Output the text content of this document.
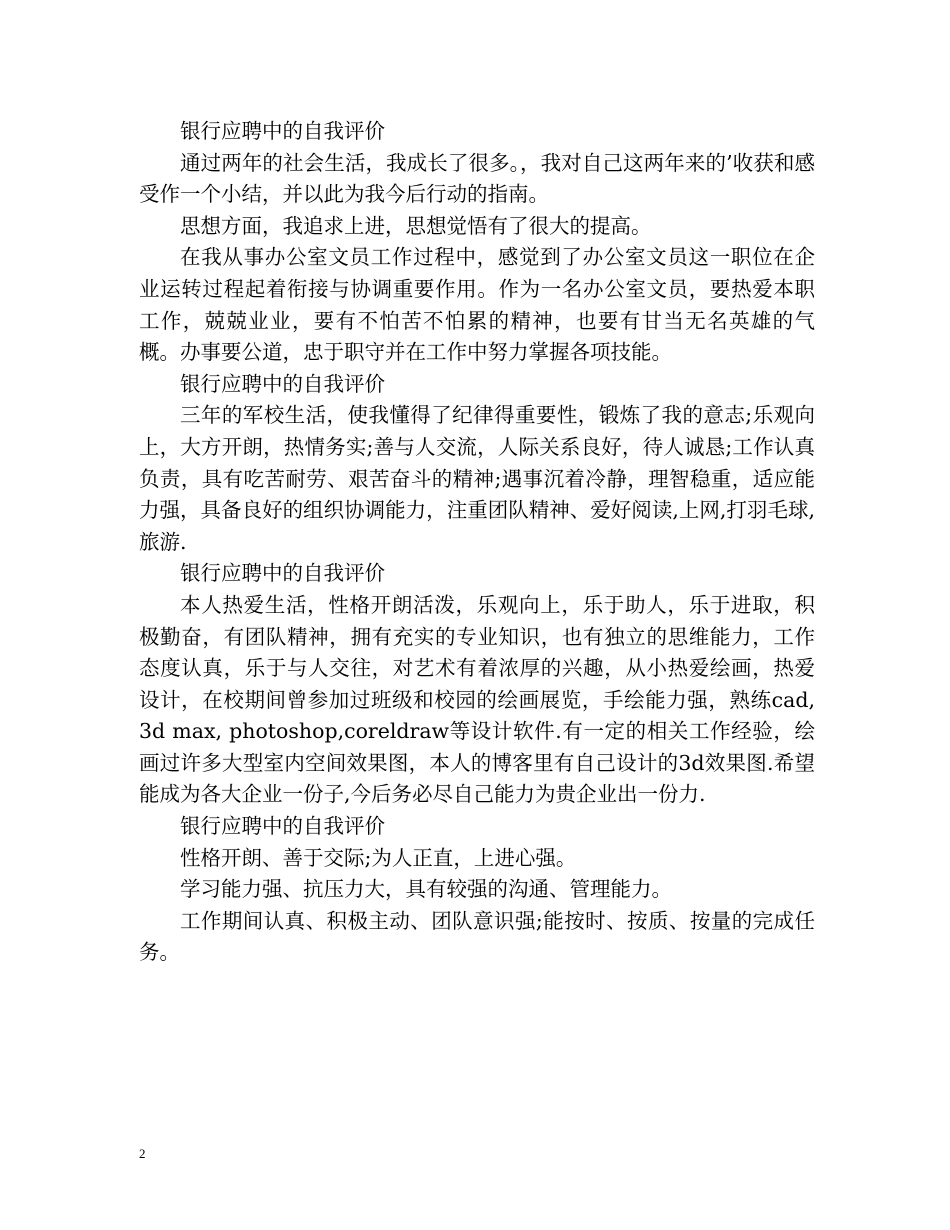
银行应聘中的自我评价

通过两年的社会生活，我成长了很多。，我对自己这两年来的’收获和感受作一个小结，并以此为我今后行动的指南。

思想方面，我追求上进，思想觉悟有了很大的提高。

在我从事办公室文员工作过程中，感觉到了办公室文员这一职位在企业运转过程起着衔接与协调重要作用。作为一名办公室文员，要热爱本职工作，兢兢业业，要有不怕苦不怕累的精神，也要有甘当无名英雄的气概。办事要公道，忠于职守并在工作中努力掌握各项技能。

银行应聘中的自我评价

三年的军校生活，使我懂得了纪律得重要性，锻炼了我的意志;乐观向上，大方开朗，热情务实;善与人交流，人际关系良好，待人诚恳;工作认真负责，具有吃苦耐劳、艰苦奋斗的精神;遇事沉着冷静，理智稳重，适应能力强，具备良好的组织协调能力，注重团队精神、爱好阅读,上网,打羽毛球,旅游.

银行应聘中的自我评价

本人热爱生活，性格开朗活泼，乐观向上，乐于助人，乐于进取，积极勤奋，有团队精神，拥有充实的专业知识，也有独立的思维能力，工作态度认真，乐于与人交往，对艺术有着浓厚的兴趣，从小热爱绘画，热爱设计，在校期间曾参加过班级和校园的绘画展览，手绘能力强，熟练cad, 3d max, photoshop,coreldraw等设计软件.有一定的相关工作经验，绘画过许多大型室内空间效果图，本人的博客里有自己设计的3d效果图.希望能成为各大企业一份子,今后务必尽自己能力为贵企业出一份力.

银行应聘中的自我评价

性格开朗、善于交际;为人正直，上进心强。

学习能力强、抗压力大，具有较强的沟通、管理能力。

工作期间认真、积极主动、团队意识强;能按时、按质、按量的完成任务。

2
